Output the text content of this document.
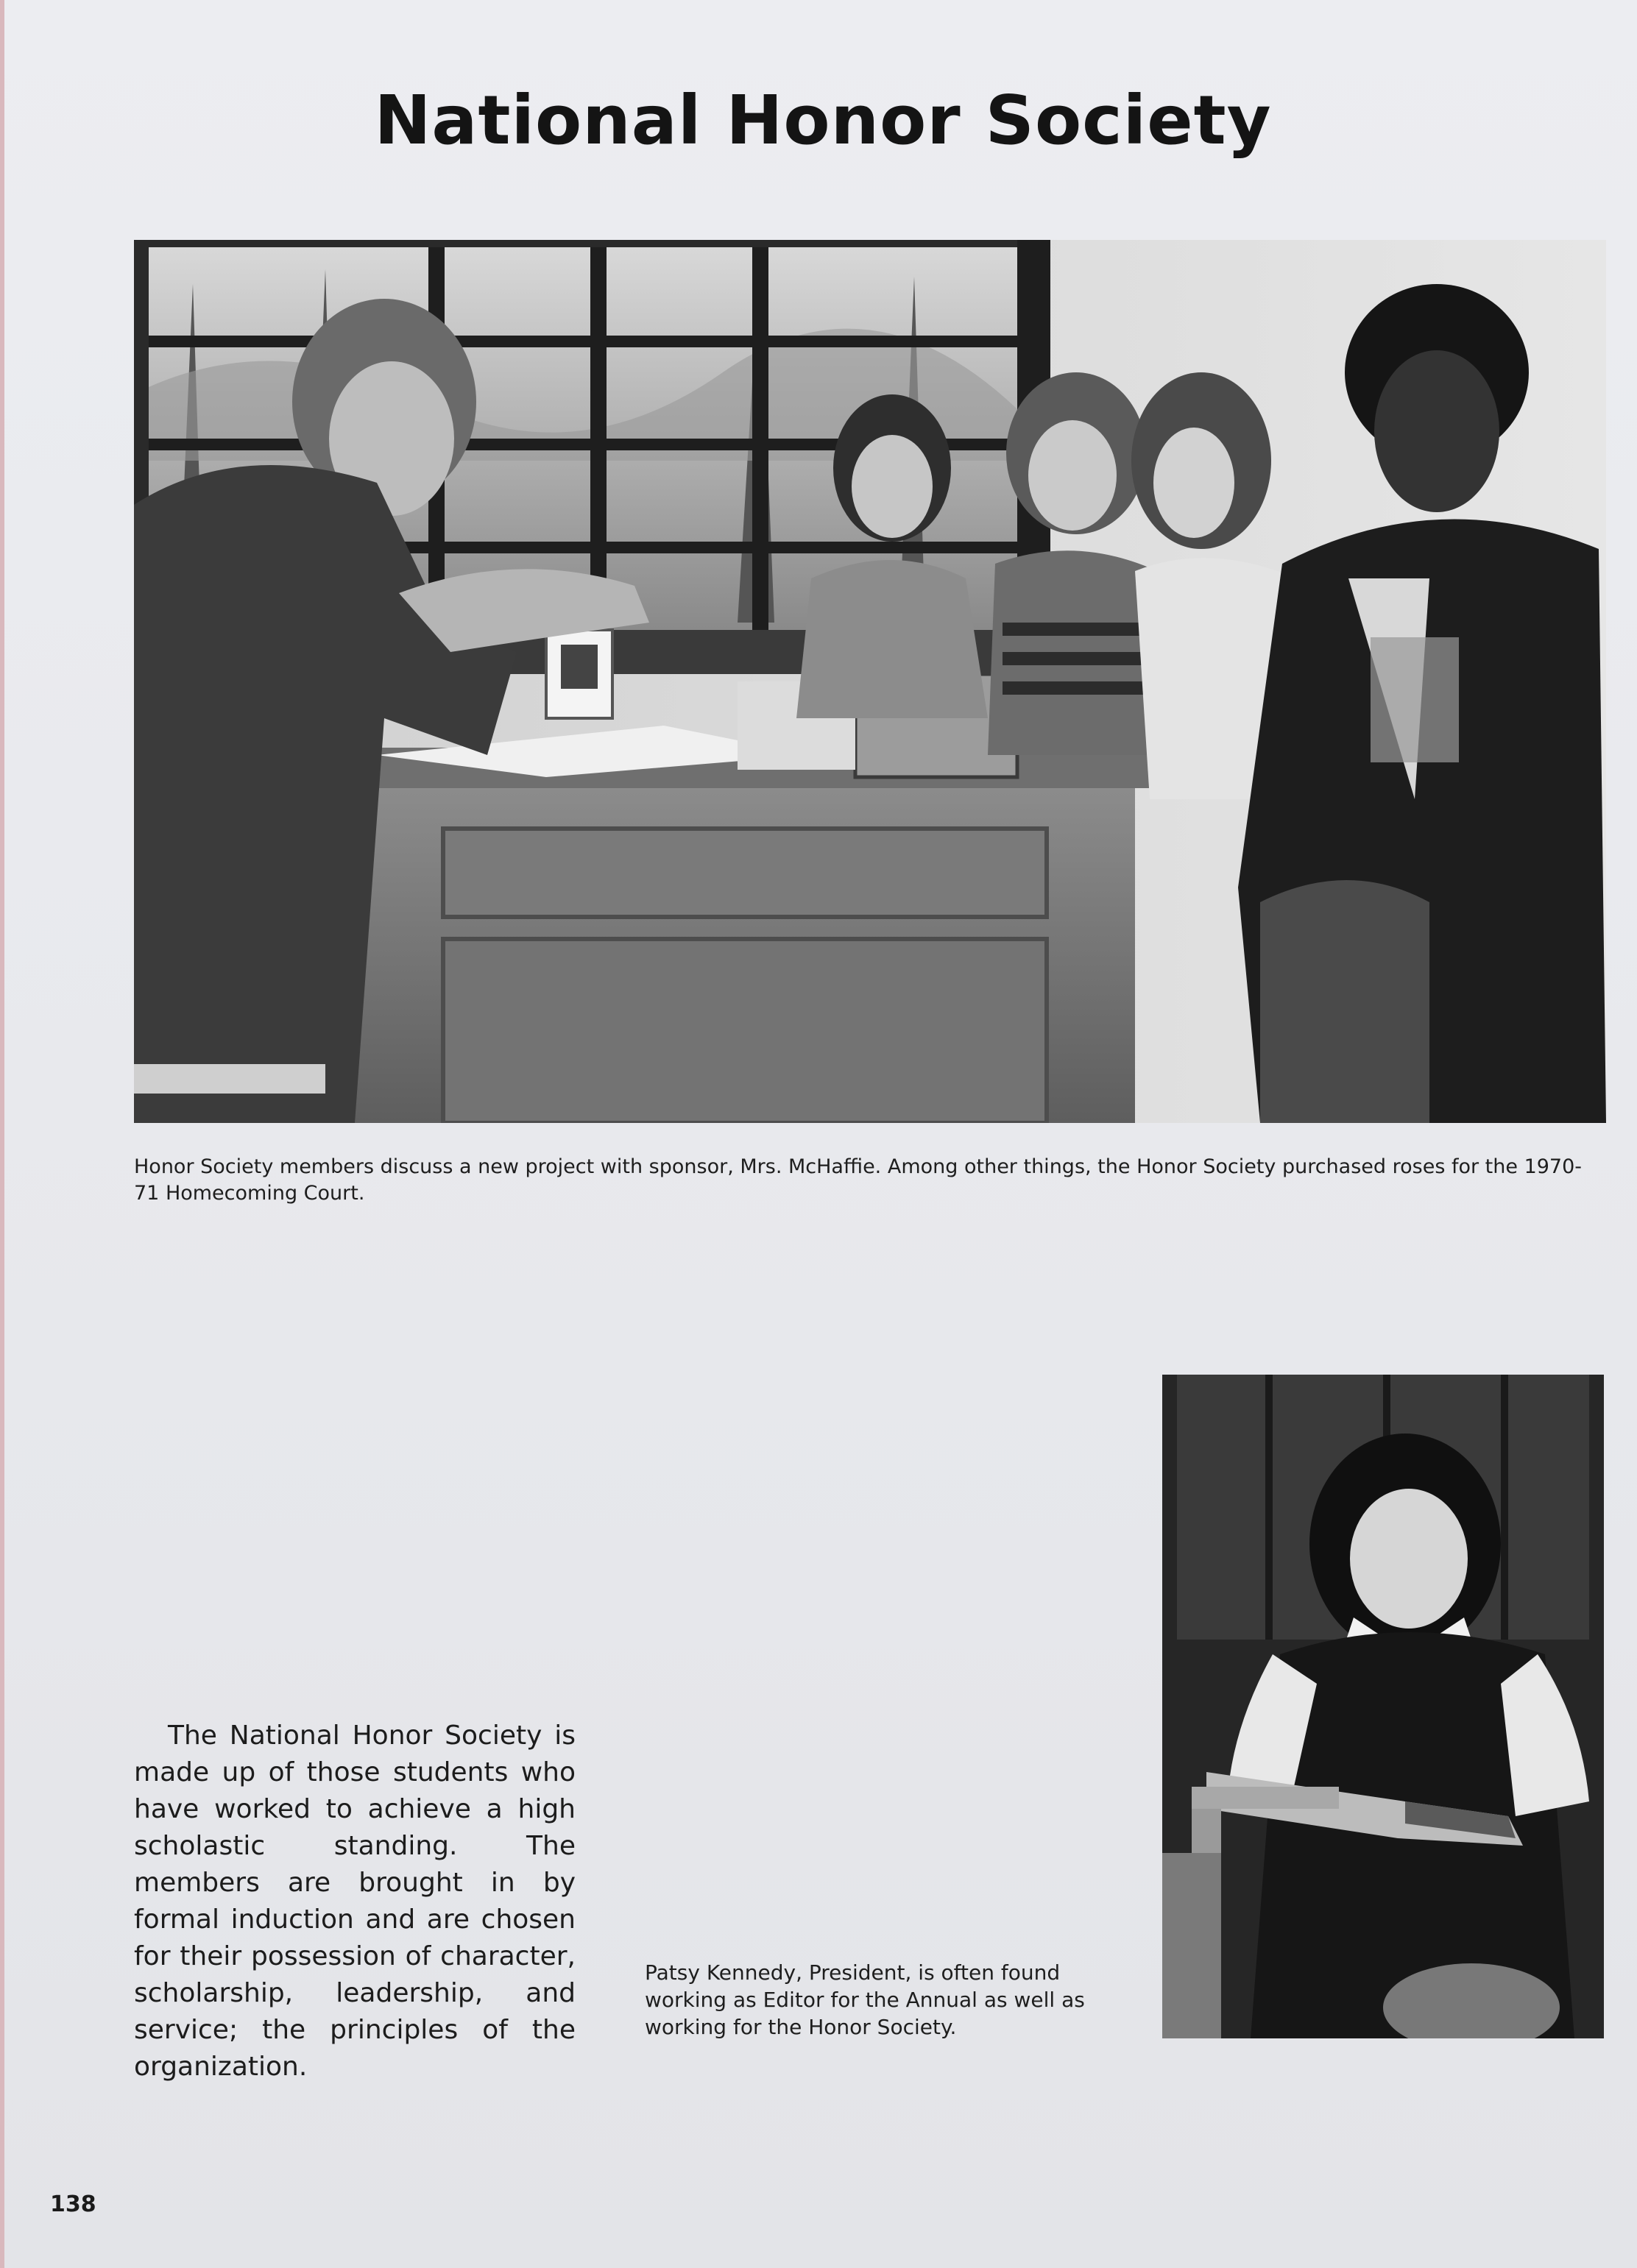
National Honor Society
Honor Society members discuss a new project with sponsor, Mrs. McHaffie. Among other things, the Honor Society purchased roses for the 1970-71 Homecoming Court.
The National Honor Society is made up of those students who have worked to achieve a high scholastic standing. The members are brought in by formal induction and are chosen for their possession of character, scholarship, leadership, and service; the principles of the organization.
Patsy Kennedy, President, is often found working as Editor for the Annual as well as working for the Honor Society.
138
